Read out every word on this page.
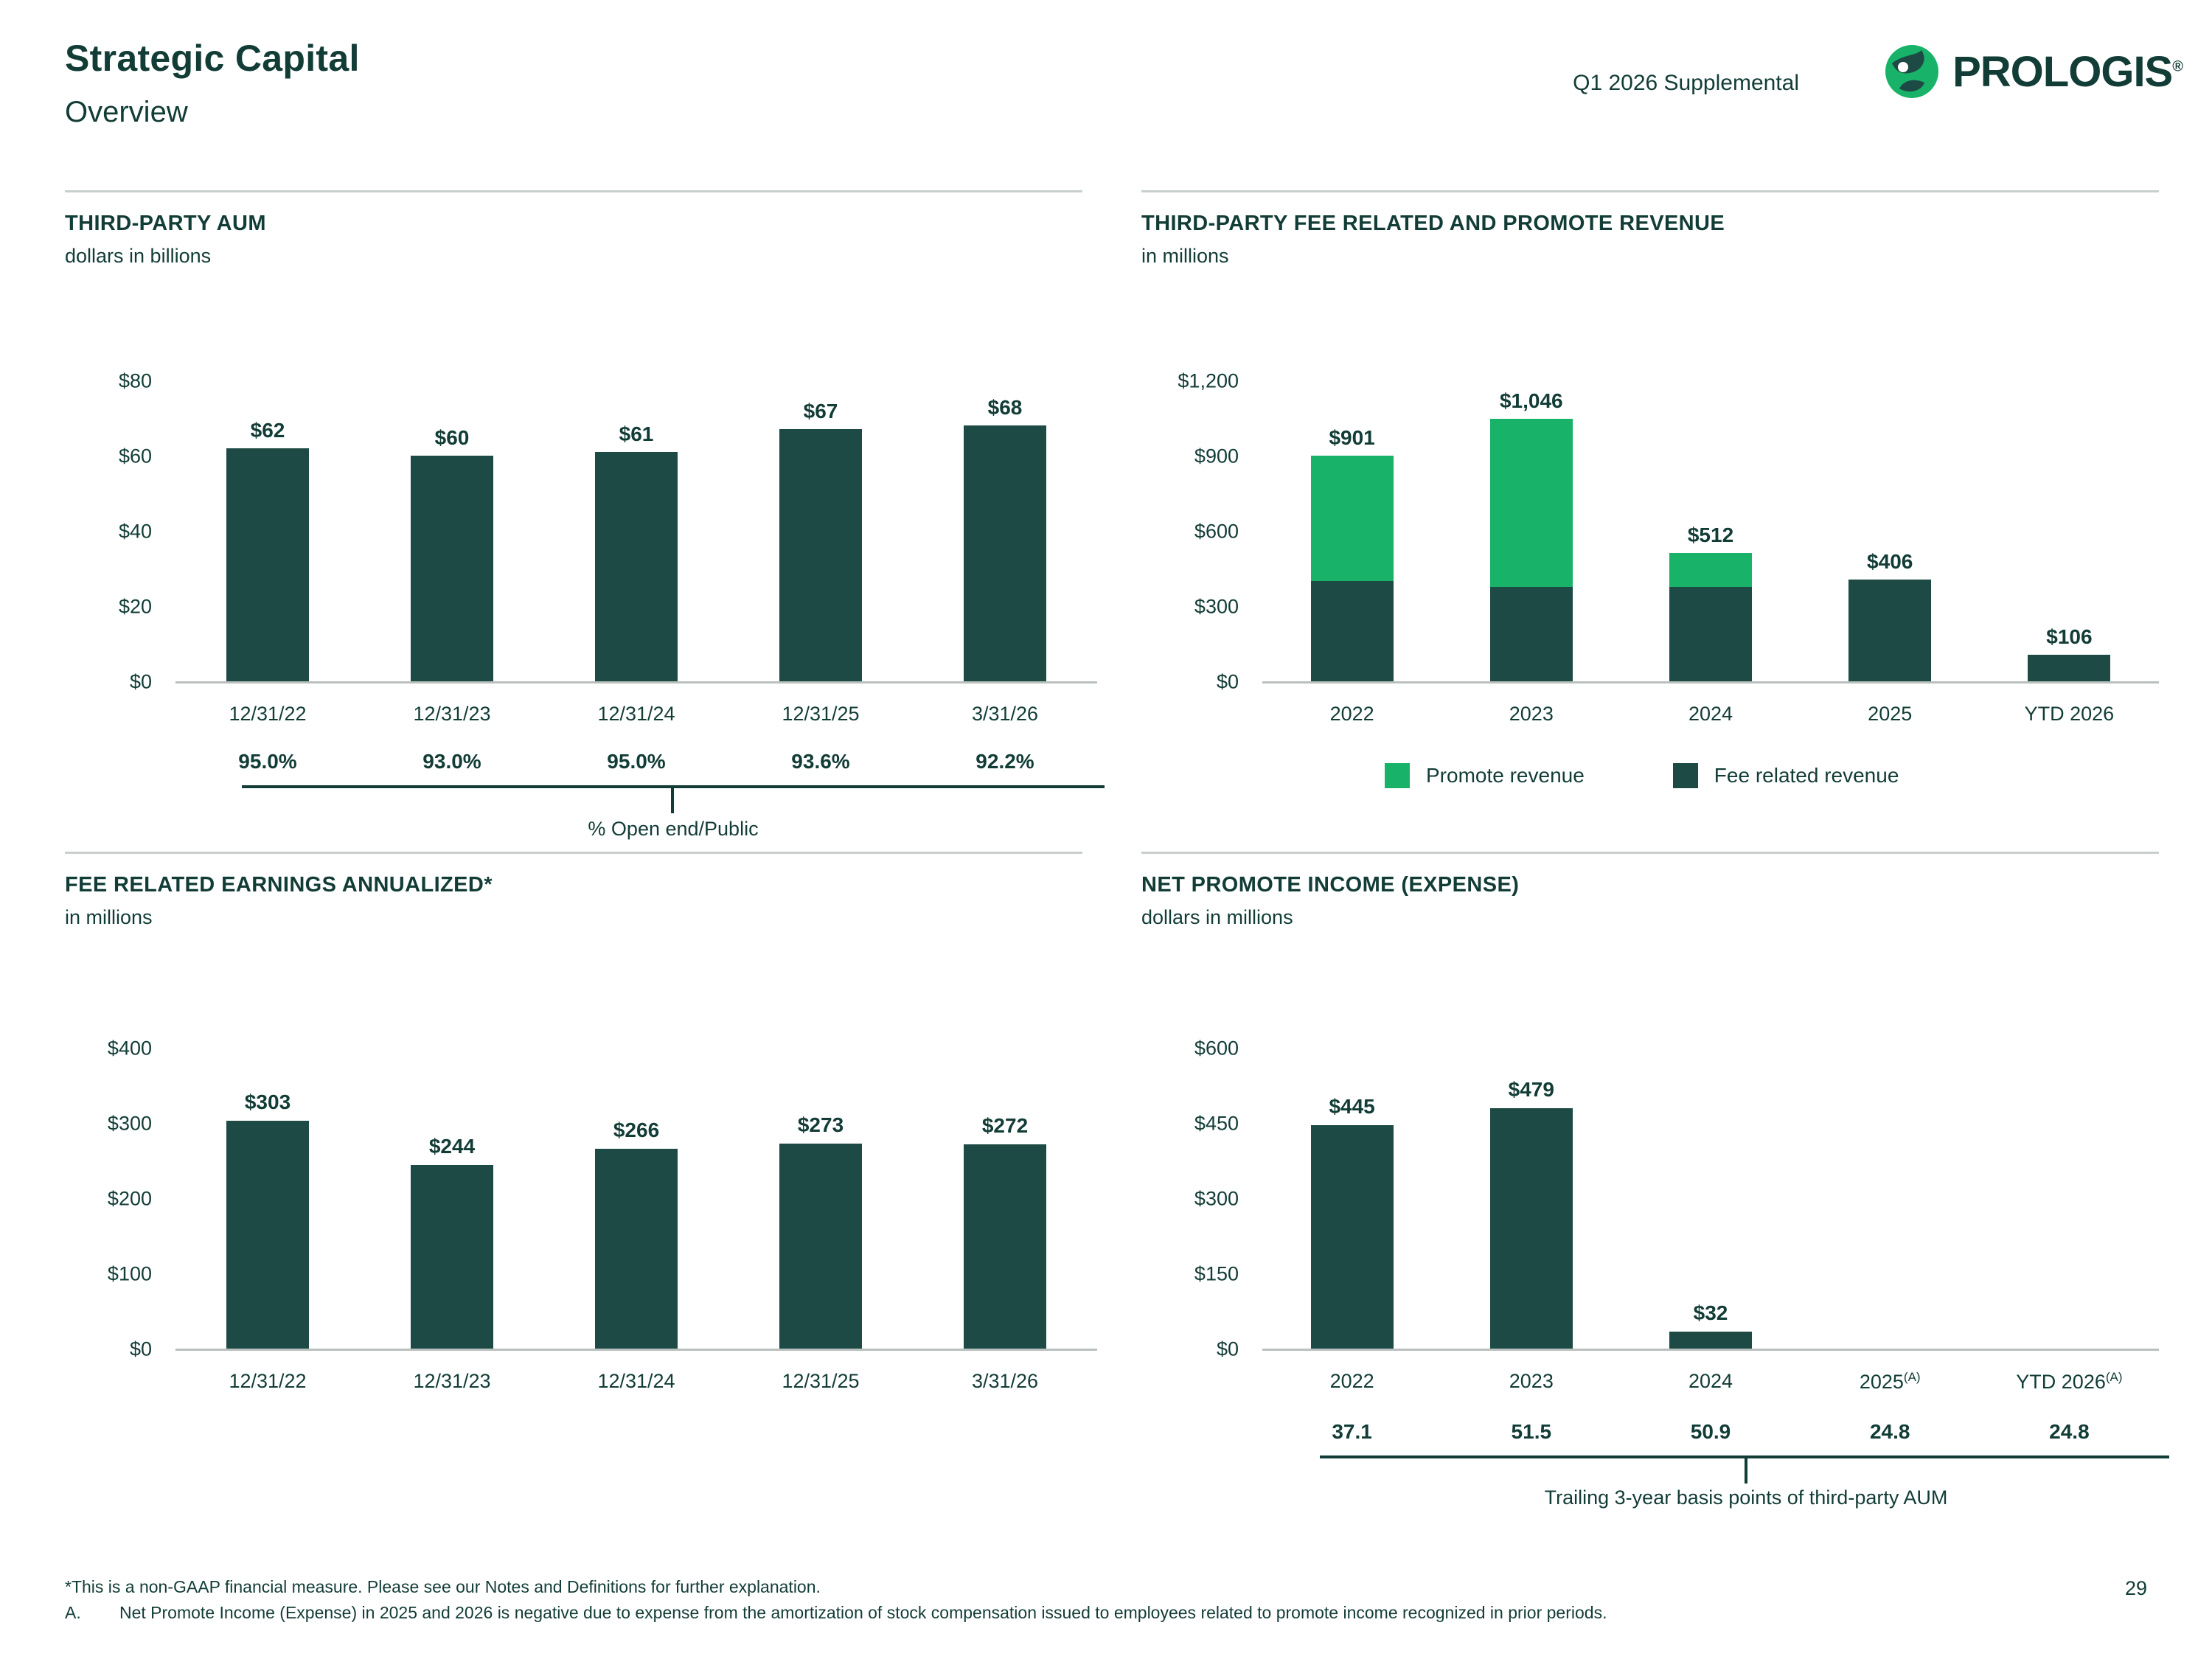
Strategic Capital
Overview
Q1 2026 Supplemental	PROLOGIS®
THIRD-PARTY AUM
dollars in billions
$80
$60
$40
$20
$0
$62	$60	$61
$67	$68
12/31/22	12/31/23	12/31/24	12/31/25	3/31/26
95.0%	93.0%	95.0%	93.6%	92.2%
% Open end/Public
THIRD-PARTY FEE RELATED AND PROMOTE REVENUE
in millions
$1,200
$900
$600
$300
$0
$901
$1,046
$512
$406
$106
2022	2023	2024	2025	YTD 2026
Promote revenue	Fee related revenue
FEE RELATED EARNINGS ANNUALIZED*
in millions
$400
$300
$200
$100
$0
$303
$244
$266	$273	$272
12/31/22	12/31/23	12/31/24	12/31/25	3/31/26
NET PROMOTE INCOME (EXPENSE)
dollars in millions
$600
$450
$300
$150
$0
$445
$479
$32
2022	2023	2024	$2025^{(A)}$	YTD $2026^{(A)}$
37.1	51.5	50.9	24.8	24.8
Trailing 3-year basis points of third-party AUM
*This is a non-GAAP financial measure. Please see our Notes and Definitions for further explanation.
A.	Net Promote Income (Expense) in 2025 and 2026 is negative due to expense from the amortization of stock compensation issued to employees related to promote income recognized in prior periods.
29
